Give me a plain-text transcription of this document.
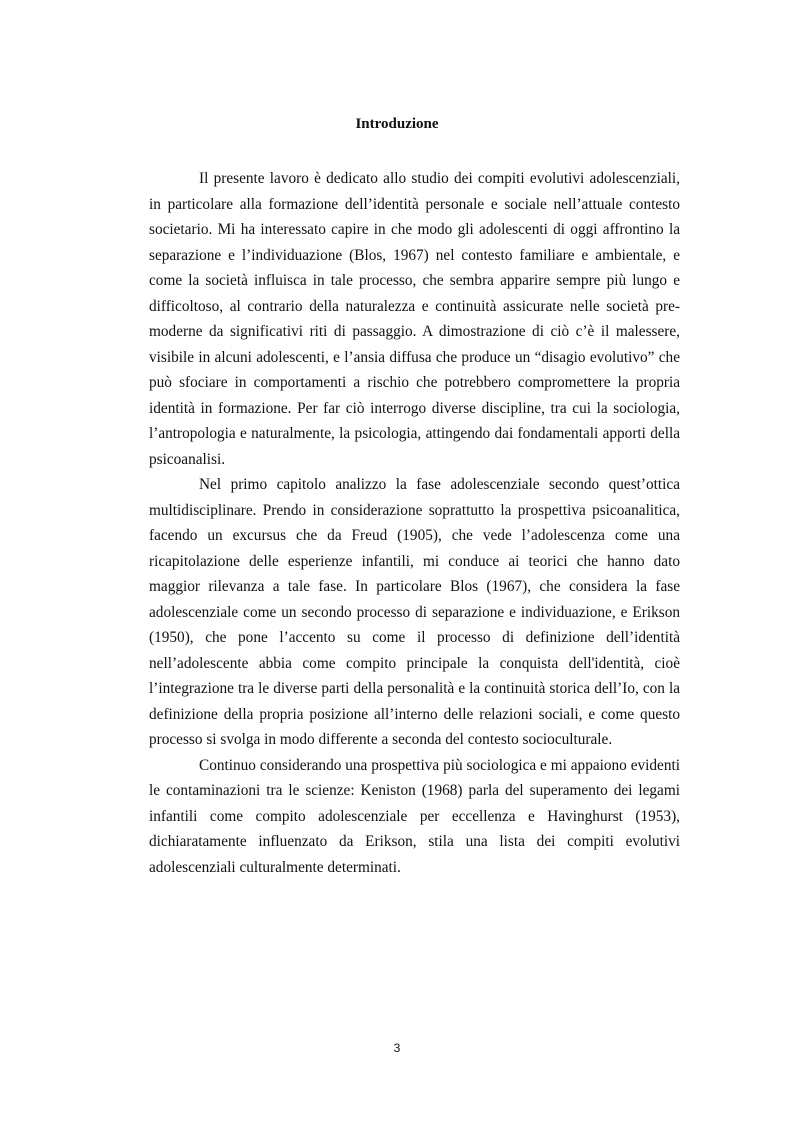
Introduzione

Il presente lavoro è dedicato allo studio dei compiti evolutivi adolescenziali, in particolare alla formazione dell’identità personale e sociale nell’attuale contesto societario. Mi ha interessato capire in che modo gli adolescenti di oggi affrontino la separazione e l’individuazione (Blos, 1967) nel contesto familiare e ambientale, e come la società influisca in tale processo, che sembra apparire sempre più lungo e difficoltoso, al contrario della naturalezza e continuità assicurate nelle società pre-moderne da significativi riti di passaggio. A dimostrazione di ciò c’è il malessere, visibile in alcuni adolescenti, e l’ansia diffusa che produce un “disagio evolutivo” che può sfociare in comportamenti a rischio che potrebbero compromettere la propria identità in formazione. Per far ciò interrogo diverse discipline, tra cui la sociologia, l’antropologia e naturalmente, la psicologia, attingendo dai fondamentali apporti della psicoanalisi.

Nel primo capitolo analizzo la fase adolescenziale secondo quest’ottica multidisciplinare. Prendo in considerazione soprattutto la prospettiva psicoanalitica, facendo un excursus che da Freud (1905), che vede l’adolescenza come una ricapitolazione delle esperienze infantili, mi conduce ai teorici che hanno dato maggior rilevanza a tale fase. In particolare Blos (1967), che considera la fase adolescenziale come un secondo processo di separazione e individuazione, e Erikson (1950), che pone l’accento su come il processo di definizione dell’identità nell’adolescente abbia come compito principale la conquista dell'identità, cioè l’integrazione tra le diverse parti della personalità e la continuità storica dell’Io, con la definizione della propria posizione all’interno delle relazioni sociali, e come questo processo si svolga in modo differente a seconda del contesto socioculturale.

Continuo considerando una prospettiva più sociologica e mi appaiono evidenti le contaminazioni tra le scienze: Keniston (1968) parla del superamento dei legami infantili come compito adolescenziale per eccellenza e Havinghurst (1953), dichiaratamente influenzato da Erikson, stila una lista dei compiti evolutivi adolescenziali culturalmente determinati.

3
